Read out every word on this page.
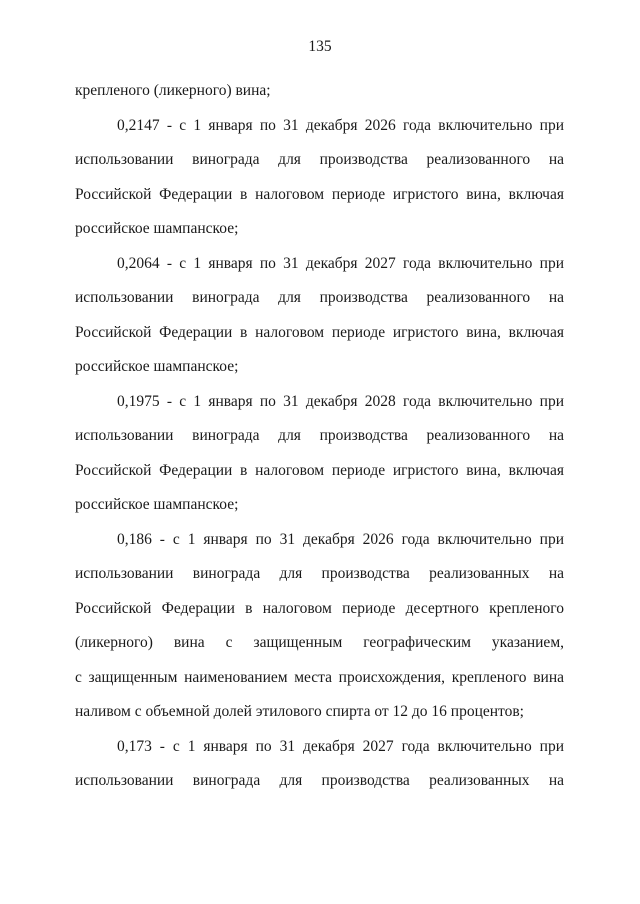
135
крепленого (ликерного) вина;
0,2147 - с 1 января по 31 декабря 2026 года включительно при
использовании винограда для производства реализованного на
Российской Федерации в налоговом периоде игристого вина, включая
российское шампанское;
0,2064 - с 1 января по 31 декабря 2027 года включительно при
использовании винограда для производства реализованного на
Российской Федерации в налоговом периоде игристого вина, включая
российское шампанское;
0,1975 - с 1 января по 31 декабря 2028 года включительно при
использовании винограда для производства реализованного на
Российской Федерации в налоговом периоде игристого вина, включая
российское шампанское;
0,186 - с 1 января по 31 декабря 2026 года включительно при
использовании винограда для производства реализованных на
Российской Федерации в налоговом периоде десертного крепленого
(ликерного) вина с защищенным географическим указанием,
с защищенным наименованием места происхождения, крепленого вина
наливом с объемной долей этилового спирта от 12 до 16 процентов;
0,173 - с 1 января по 31 декабря 2027 года включительно при
использовании винограда для производства реализованных на
